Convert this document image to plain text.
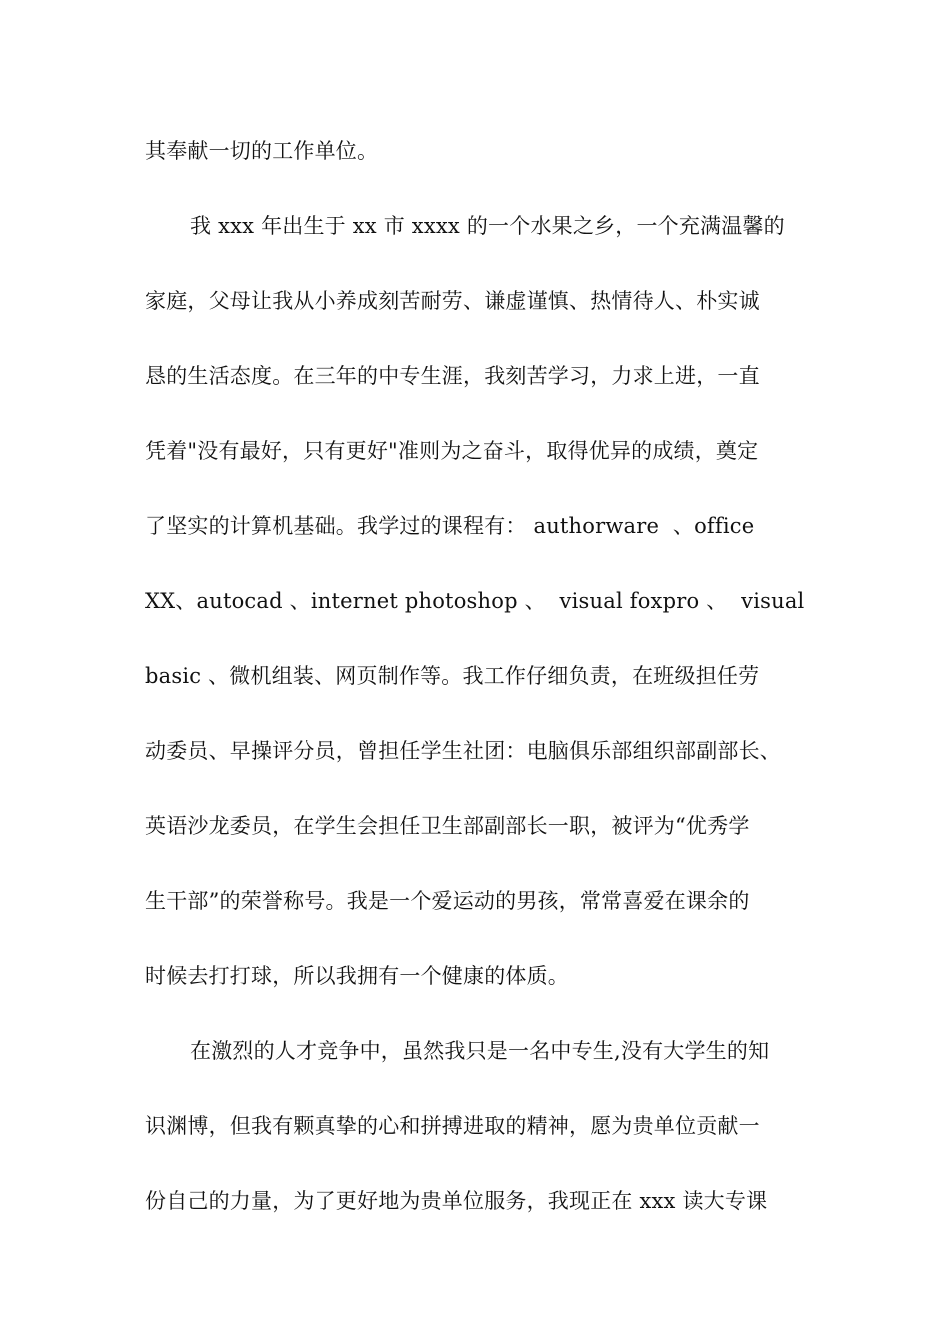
其奉献一切的工作单位。
我 xxx 年出生于 xx 市 xxxx 的一个水果之乡，一个充满温馨的
家庭，父母让我从小养成刻苦耐劳、谦虚谨慎、热情待人、朴实诚
恳的生活态度。在三年的中专生涯，我刻苦学习，力求上进，一直
凭着"没有最好，只有更好"准则为之奋斗，取得优异的成绩，奠定
了坚实的计算机基础。我学过的课程有： authorware  、office
XX、autocad 、internet photoshop 、  visual foxpro 、  visual
basic 、微机组装、网页制作等。我工作仔细负责，在班级担任劳
动委员、早操评分员，曾担任学生社团：电脑俱乐部组织部副部长、
英语沙龙委员，在学生会担任卫生部副部长一职，被评为“优秀学
生干部”的荣誉称号。我是一个爱运动的男孩，常常喜爱在课余的
时候去打打球，所以我拥有一个健康的体质。
在激烈的人才竞争中，虽然我只是一名中专生,没有大学生的知
识渊博，但我有颗真挚的心和拼搏进取的精神，愿为贵单位贡献一
份自己的力量，为了更好地为贵单位服务，我现正在 xxx 读大专课
